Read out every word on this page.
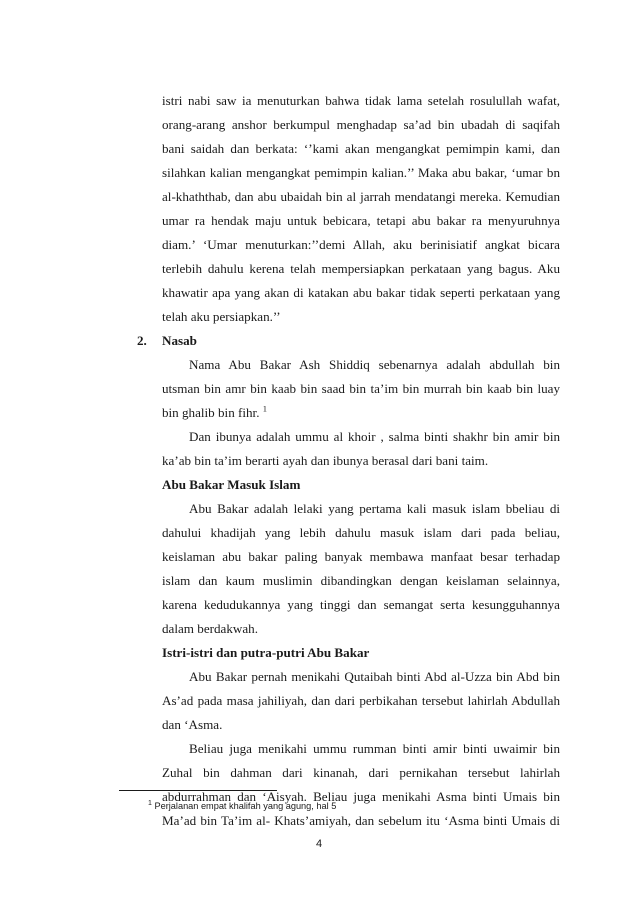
istri nabi saw ia menuturkan bahwa tidak lama setelah rosulullah wafat,
orang-arang anshor berkumpul menghadap sa’ad bin ubadah di saqifah
bani saidah dan berkata: ‘’kami akan mengangkat pemimpin kami, dan
silahkan kalian mengangkat pemimpin kalian.’’ Maka abu bakar, ‘umar bn
al-khaththab, dan abu ubaidah bin al jarrah mendatangi mereka. Kemudian
umar ra hendak maju untuk bebicara, tetapi abu bakar ra menyuruhnya
diam.’ ‘Umar menuturkan:’’demi Allah, aku berinisiatif angkat bicara
terlebih dahulu kerena telah mempersiapkan perkataan yang bagus. Aku
khawatir apa yang akan di katakan abu bakar tidak seperti perkataan yang
telah aku persiapkan.’’
2. Nasab
Nama Abu Bakar Ash Shiddiq sebenarnya adalah abdullah bin
utsman bin amr bin kaab bin saad bin ta’im bin murrah bin kaab bin luay
bin ghalib bin fihr. $^1$
Dan ibunya adalah ummu al khoir , salma binti shakhr bin amir bin
ka’ab bin ta’im berarti ayah dan ibunya berasal dari bani taim.
Abu Bakar Masuk Islam
Abu Bakar adalah lelaki yang pertama kali masuk islam bbeliau di
dahului khadijah yang lebih dahulu masuk islam dari pada beliau,
keislaman abu bakar paling banyak membawa manfaat besar terhadap
islam dan kaum muslimin dibandingkan dengan keislaman selainnya,
karena kedudukannya yang tinggi dan semangat serta kesungguhannya
dalam berdakwah.
Istri-istri dan putra-putri Abu Bakar
Abu Bakar pernah menikahi Qutaibah binti Abd al-Uzza bin Abd bin
As’ad pada masa jahiliyah, dan dari perbikahan tersebut lahirlah Abdullah
dan ‘Asma.
Beliau juga menikahi ummu rumman binti amir binti uwaimir bin
Zuhal bin dahman dari kinanah, dari pernikahan tersebut lahirlah
abdurrahman dan ‘Aisyah. Beliau juga menikahi Asma binti Umais bin
Ma’ad bin Ta’im al- Khats’amiyah, dan sebelum itu ‘Asma binti Umais di
$^1$ Perjalanan empat khalifah yang agung, hal 5
4
